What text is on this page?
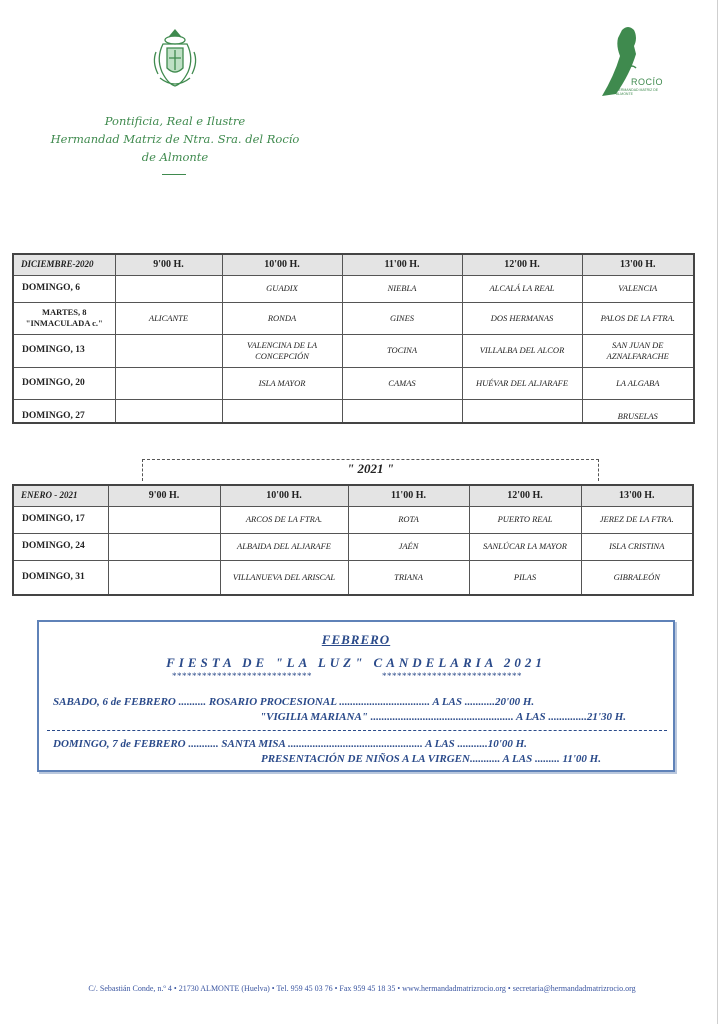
Pontificia, Real e Ilustre
Hermandad Matriz de Ntra. Sra. del Rocío
de Almonte
ROCÍO
HERMANDAD MATRIZ DE
ALMONTE
DICIEMBRE-2020	9'00 H.	10'00 H.	11'00 H.	12'00 H.	13'00 H.
DOMINGO, 6		GUADIX	NIEBLA	ALCALÁ LA REAL	VALENCIA

MARTES, 8
"INMACULADA c."	ALICANTE	RONDA	GINES	DOS HERMANAS	PALOS DE LA FTRA.
DOMINGO, 13		VALENCINA DE LA CONCEPCIÓN	TOCINA	VILLALBA DEL ALCOR	SAN JUAN DE AZNALFARACHE
DOMINGO, 20		ISLA MAYOR	CAMAS	HUÉVAR DEL ALJARAFE	LA ALGABA
DOMINGO, 27					BRUSELAS
" 2021 "
ENERO - 2021	9'00 H.	10'00 H.	11'00 H.	12'00 H.	13'00 H.
DOMINGO, 17		ARCOS DE LA FTRA.	ROTA	PUERTO REAL	JEREZ DE LA FTRA.
DOMINGO, 24		ALBAIDA DEL ALJARAFE	JAÉN	SANLÚCAR LA MAYOR	ISLA CRISTINA
DOMINGO, 31		VILLANUEVA DEL ARISCAL	TRIANA	PILAS	GIBRALEÓN
FEBRERO
FIESTA DE "LA LUZ" CANDELARIA 2021
****************************	****************************
SABADO, 6 de FEBRERO .......... ROSARIO PROCESIONAL ................................. A LAS ...........20'00 H.
"VIGILIA MARIANA" .................................................... A LAS ..............21'30 H.
DOMINGO, 7 de FEBRERO ........... SANTA MISA ................................................. A LAS ...........10'00 H.
PRESENTACIÓN DE NIÑOS A LA VIRGEN........... A LAS ......... 11'00 H.
C/. Sebastián Conde, n.º 4 • 21730 ALMONTE (Huelva) • Tel. 959 45 03 76 • Fax 959 45 18 35 • www.hermandadmatrizrocio.org • secretaria@hermandadmatrizrocio.org
